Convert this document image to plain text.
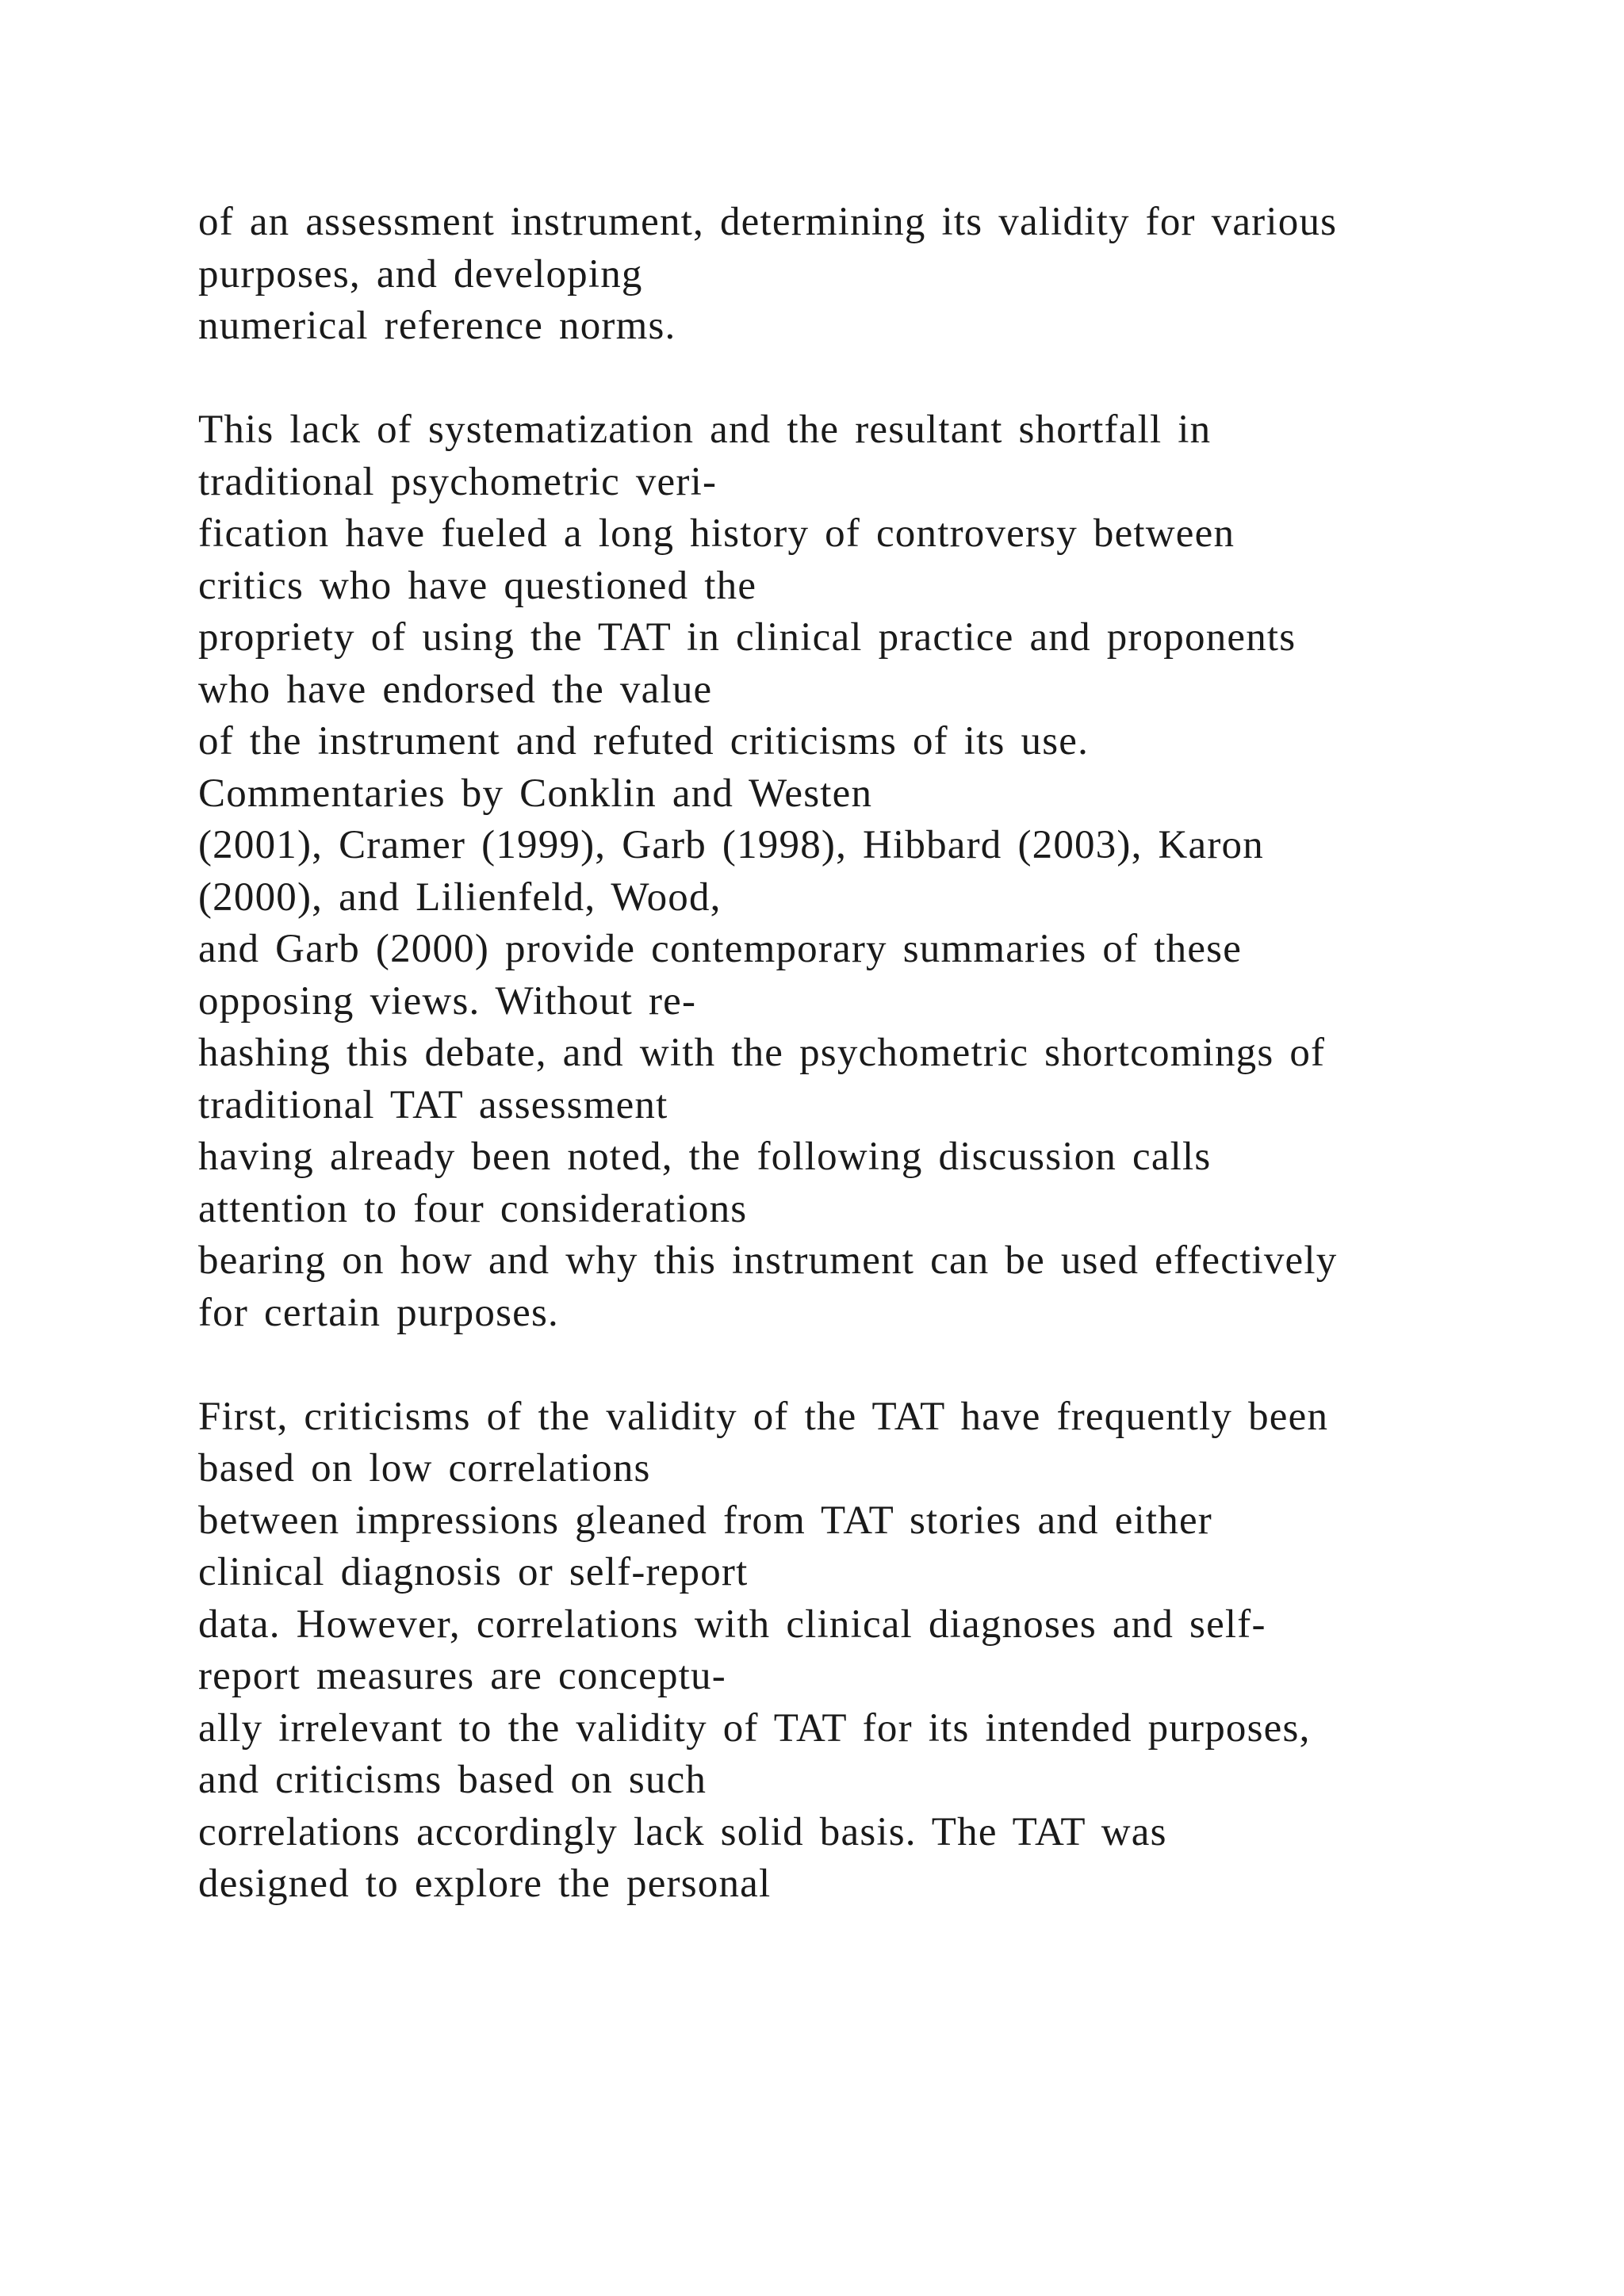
of an assessment instrument, determining its validity for various
purposes, and developing
numerical reference norms.
This lack of systematization and the resultant shortfall in
traditional psychometric veri-
fication have fueled a long history of controversy between
critics who have questioned the
propriety of using the TAT in clinical practice and proponents
who have endorsed the value
of the instrument and refuted criticisms of its use.
Commentaries by Conklin and Westen
(2001), Cramer (1999), Garb (1998), Hibbard (2003), Karon
(2000), and Lilienfeld, Wood,
and Garb (2000) provide contemporary summaries of these
opposing views. Without re-
hashing this debate, and with the psychometric shortcomings of
traditional TAT assessment
having already been noted, the following discussion calls
attention to four considerations
bearing on how and why this instrument can be used effectively
for certain purposes.
First, criticisms of the validity of the TAT have frequently been
based on low correlations
between impressions gleaned from TAT stories and either
clinical diagnosis or self-report
data. However, correlations with clinical diagnoses and self-
report measures are conceptu-
ally irrelevant to the validity of TAT for its intended purposes,
and criticisms based on such
correlations accordingly lack solid basis. The TAT was
designed to explore the personal
